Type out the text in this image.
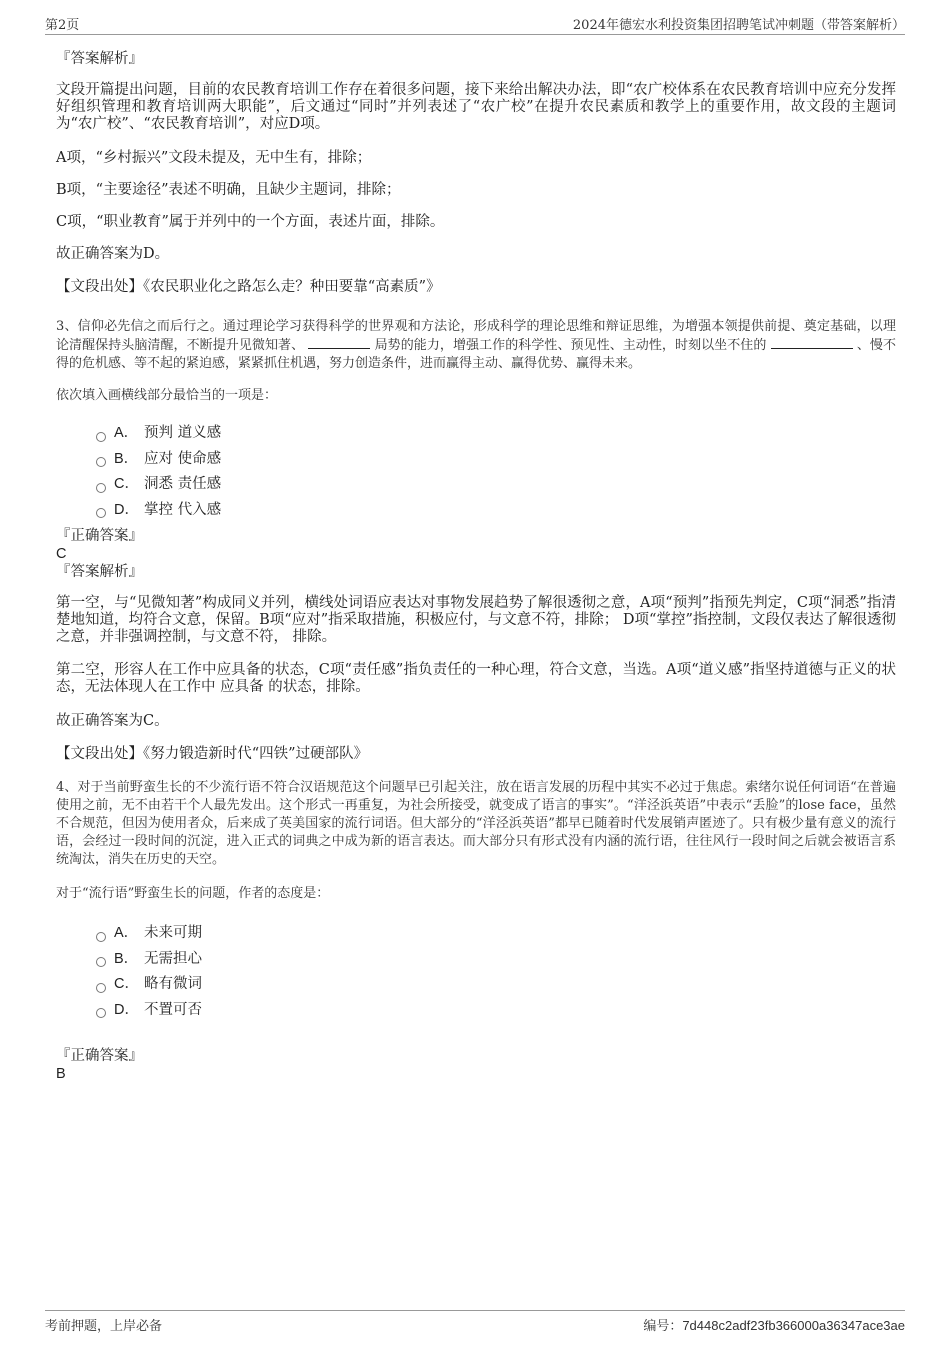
第2页	2024年德宏水利投资集团招聘笔试冲刺题（带答案解析）

『答案解析』

文段开篇提出问题，目前的农民教育培训工作存在着很多问题，接下来给出解决办法，即“农广校体系在农民教育培训中应充分发挥好组织管理和教育培训两大职能”，后文通过“同时”并列表述了“农广校”在提升农民素质和教学上的重要作用，故文段的主题词为“农广校”、“农民教育培训”，对应D项。

A项，“乡村振兴”文段未提及，无中生有，排除；

B项，“主要途径”表述不明确，且缺少主题词，排除；

C项，“职业教育”属于并列中的一个方面，表述片面，排除。

故正确答案为D。

【文段出处】《农民职业化之路怎么走？种田要靠“高素质”》

3、信仰必先信之而后行之。通过理论学习获得科学的世界观和方法论，形成科学的理论思维和辩证思维，为增强本领提供前提、奠定基础，以理论清醒保持头脑清醒，不断提升见微知著、	局势的能力，增强工作的科学性、预见性、主动性，时刻以坐不住的	、慢不得的危机感、等不起的紧迫感，紧紧抓住机遇，努力创造条件，进而赢得主动、赢得优势、赢得未来。

依次填入画横线部分最恰当的一项是：

A． 预判 道义感
B． 应对 使命感
C． 洞悉 责任感
D． 掌控 代入感

『正确答案』

C

『答案解析』

第一空，与“见微知著”构成同义并列，横线处词语应表达对事物发展趋势了解很透彻之意，A项“预判”指预先判定，C项“洞悉”指清楚地知道，均符合文意，保留。B项“应对”指采取措施，积极应付，与文意不符，排除； D项“掌控”指控制，文段仅表达了解很透彻之意，并非强调控制，与文意不符， 排除。

第二空，形容人在工作中应具备的状态，C项“责任感”指负责任的一种心理，符合文意，当选。A项“道义感”指坚持道德与正义的状态，无法体现人在工作中 应具备 的状态，排除。

故正确答案为C。

【文段出处】《努力锻造新时代“四铁”过硬部队》

4、对于当前野蛮生长的不少流行语不符合汉语规范这个问题早已引起关注，放在语言发展的历程中其实不必过于焦虑。索绪尔说任何词语“在普遍使用之前，无不由若干个人最先发出。这个形式一再重复，为社会所接受，就变成了语言的事实”。“洋泾浜英语”中表示“丢脸”的lose face，虽然不合规范，但因为使用者众，后来成了英美国家的流行词语。但大部分的“洋泾浜英语”都早已随着时代发展销声匿迹了。只有极少量有意义的流行语，会经过一段时间的沉淀，进入正式的词典之中成为新的语言表达。而大部分只有形式没有内涵的流行语，往往风行一段时间之后就会被语言系统淘汰，消失在历史的天空。

对于“流行语”野蛮生长的问题，作者的态度是：

A． 未来可期
B． 无需担心
C． 略有微词
D． 不置可否

『正确答案』

B

考前押题，上岸必备	编号：7d448c2adf23fb366000a36347ace3ae
